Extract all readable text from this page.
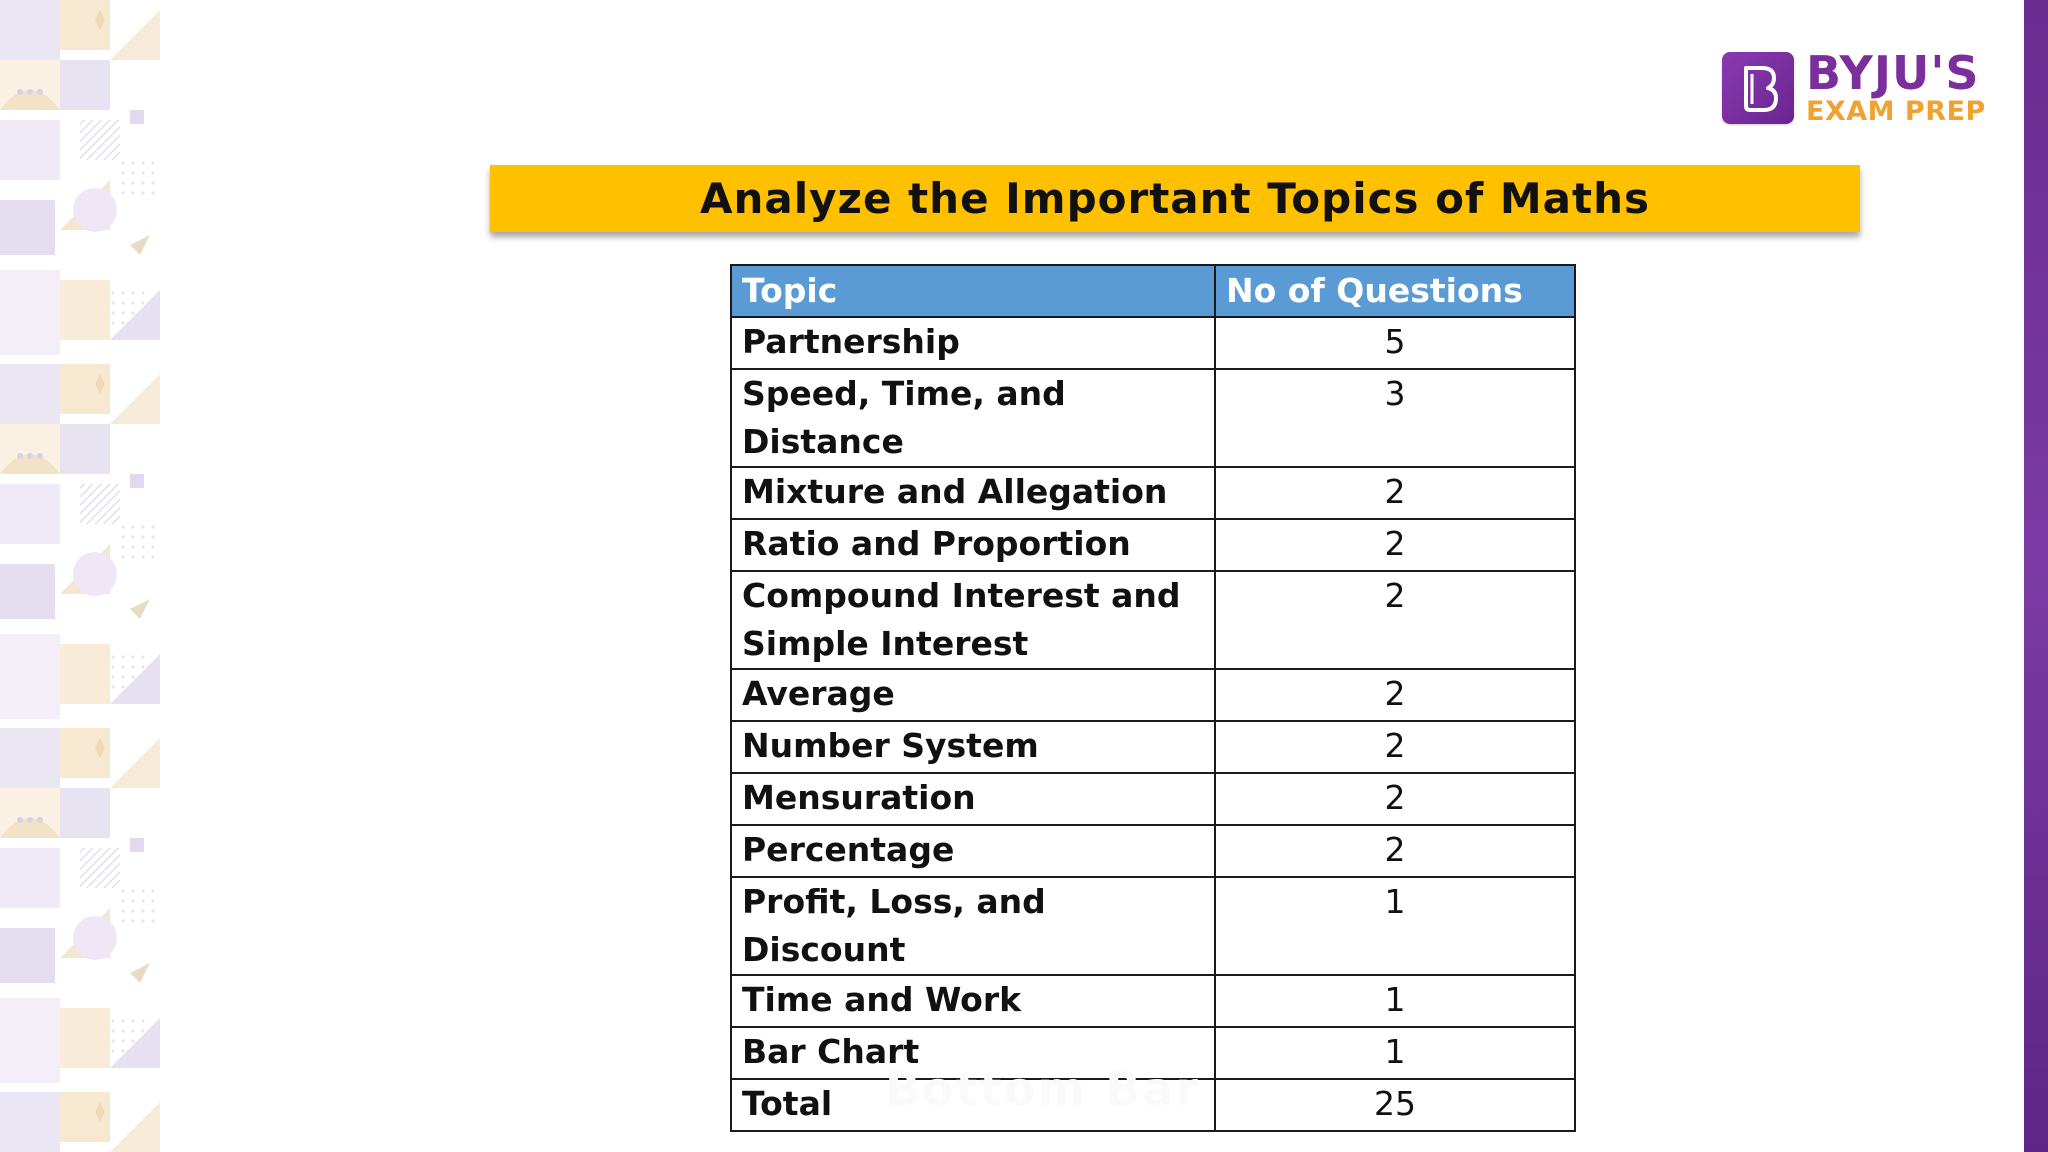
BYJU'S
EXAM PREP
Analyze the Important Topics of Maths
Topic	No of Questions
Partnership	5
Speed, Time, and Distance	3
Mixture and Allegation	2
Ratio and Proportion	2
Compound Interest and Simple Interest	2
Average	2
Number System	2
Mensuration	2
Percentage	2
Profit, Loss, and Discount	1
Time and Work	1
Bar Chart	1
Total	25
Bottom Bar
